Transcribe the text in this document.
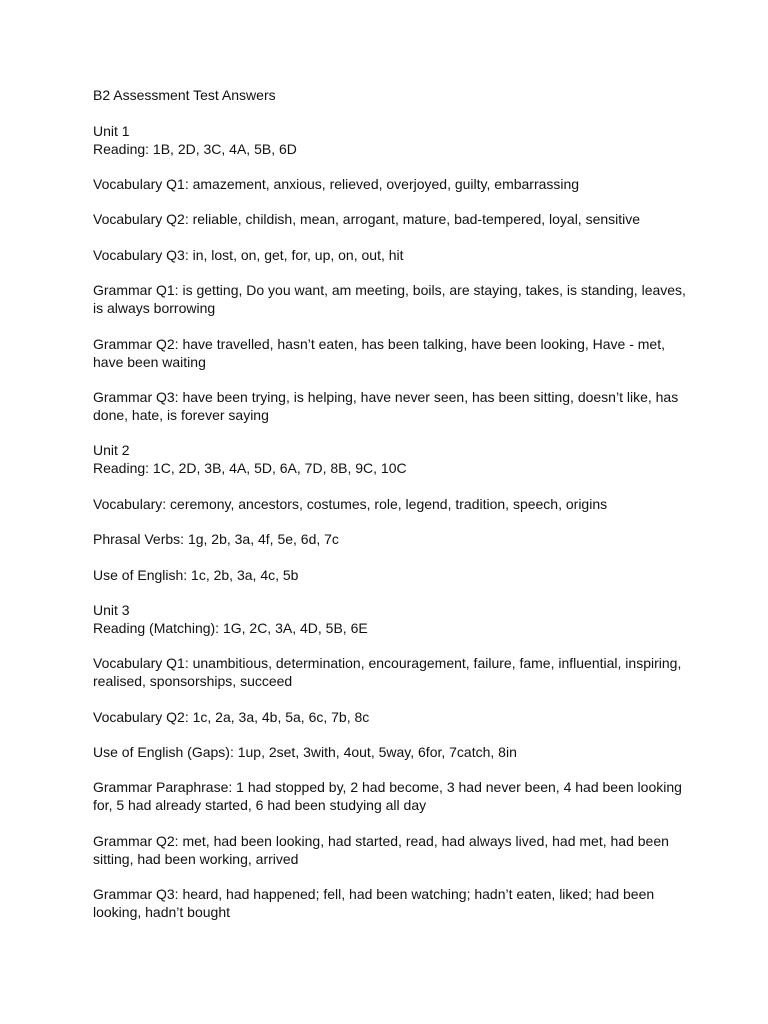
B2 Assessment Test Answers

Unit 1

Reading: 1B, 2D, 3C, 4A, 5B, 6D

Vocabulary Q1: amazement, anxious, relieved, overjoyed, guilty, embarrassing

Vocabulary Q2: reliable, childish, mean, arrogant, mature, bad-tempered, loyal, sensitive

Vocabulary Q3: in, lost, on, get, for, up, on, out, hit

Grammar Q1: is getting, Do you want, am meeting, boils, are staying, takes, is standing, leaves, is always borrowing

Grammar Q2: have travelled, hasn’t eaten, has been talking, have been looking, Have - met, have been waiting

Grammar Q3: have been trying, is helping, have never seen, has been sitting, doesn’t like, has done, hate, is forever saying

Unit 2

Reading: 1C, 2D, 3B, 4A, 5D, 6A, 7D, 8B, 9C, 10C

Vocabulary: ceremony, ancestors, costumes, role, legend, tradition, speech, origins

Phrasal Verbs: 1g, 2b, 3a, 4f, 5e, 6d, 7c

Use of English: 1c, 2b, 3a, 4c, 5b

Unit 3

Reading (Matching): 1G, 2C, 3A, 4D, 5B, 6E

Vocabulary Q1: unambitious, determination, encouragement, failure, fame, influential, inspiring, realised, sponsorships, succeed

Vocabulary Q2: 1c, 2a, 3a, 4b, 5a, 6c, 7b, 8c

Use of English (Gaps): 1up, 2set, 3with, 4out, 5way, 6for, 7catch, 8in

Grammar Paraphrase: 1 had stopped by, 2 had become, 3 had never been, 4 had been looking for, 5 had already started, 6 had been studying all day

Grammar Q2: met, had been looking, had started, read, had always lived, had met, had been sitting, had been working, arrived

Grammar Q3: heard, had happened; fell, had been watching; hadn’t eaten, liked; had been looking, hadn’t bought
